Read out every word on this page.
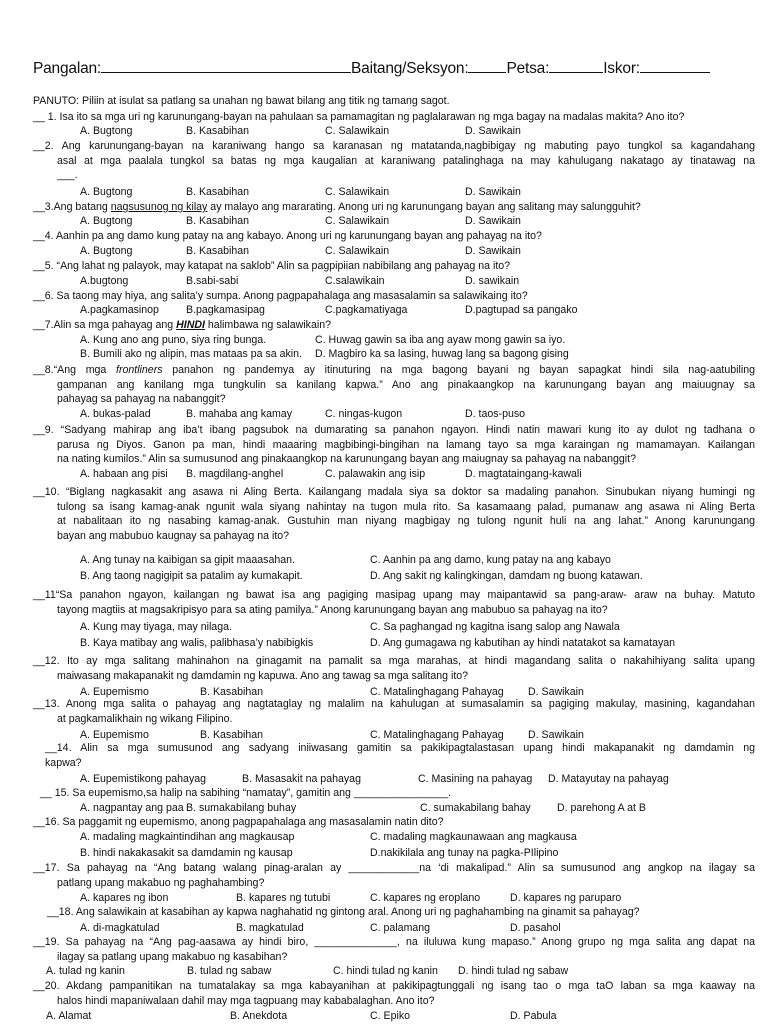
Pangalan:	Baitang/Seksyon: Petsa:	Iskor:
PANUTO: Piliin at isulat sa patlang sa unahan ng bawat bilang ang titik ng tamang sagot.
__ 1. Isa ito sa mga uri ng karunungang-bayan na pahulaan sa pamamagitan ng paglalarawan ng mga bagay na madalas makita? Ano ito?
A. Bugtong	B. Kasabihan	C. Salawikain	D. Sawikain
__2. Ang karunungang-bayan na karaniwang hango sa karanasan ng matatanda,nagbibigay ng mabuting payo tungkol sa kagandahang
asal at mga paalala tungkol sa batas ng mga kaugalian at karaniwang patalinghaga na may kahulugang nakatago ay tinatawag na
___.
A. Bugtong	B. Kasabihan	C. Salawikain	D. Sawikain
__3.Ang batang nagsusunog ng kilay ay malayo ang mararating. Anong uri ng karunungang bayan ang salitang may salungguhit?
A. Bugtong	B. Kasabihan	C. Salawikain	D. Sawikain
__4. Aanhin pa ang damo kung patay na ang kabayo. Anong uri ng karunungang bayan ang pahayag na ito?
A. Bugtong	B. Kasabihan	C. Salawikain	D. Sawikain
__5. “Ang lahat ng palayok, may katapat na saklob” Alin sa pagpipiian nabibilang ang pahayag na ito?
A.bugtong	B.sabi-sabi	C.salawikain	D. sawikain
__6. Sa taong may hiya, ang salita’y sumpa. Anong pagpapahalaga ang masasalamin sa salawikaing ito?
A.pagkamasinop	B.pagkamasipag	C.pagkamatiyaga	D.pagtupad sa pangako
__7.Alin sa mga pahayag ang HINDI halimbawa ng salawikain?
A. Kung ano ang puno, siya ring bunga.	C. Huwag gawin sa iba ang ayaw mong gawin sa iyo.
B. Bumili ako ng alipin, mas mataas pa sa akin. D. Magbiro ka sa lasing, huwag lang sa bagong gising
__8.“Ang mga frontliners panahon ng pandemya ay itinuturing na mga bagong bayani ng bayan sapagkat hindi sila nag-aatubiling
gampanan ang kanilang mga tungkulin sa kanilang kapwa.” Ano ang pinakaangkop na karunungang bayan ang maiuugnay sa
pahayag sa pahayag na nabanggit?
A. bukas-palad	B. mahaba ang kamay	C. ningas-kugon	D. taos-puso
__9. “Sadyang mahirap ang iba’t ibang pagsubok na dumarating sa panahon ngayon. Hindi natin mawari kung ito ay dulot ng tadhana o
parusa ng Diyos. Ganon pa man, hindi maaaring magbibingi-bingihan na lamang tayo sa mga karaingan ng mamamayan. Kailangan
na nating kumilos.” Alin sa sumusunod ang pinakaangkop na karunungang bayan ang maiugnay sa pahayag na nabanggit?
A. habaan ang pisi B. magdilang-anghel	C. palawakin ang isip	D. magtataingang-kawali
__10. “Biglang nagkasakit ang asawa ni Aling Berta. Kailangang madala siya sa doktor sa madaling panahon. Sinubukan niyang humingi ng
tulong sa isang kamag-anak ngunit wala siyang nahintay na tugon mula rito. Sa kasamaang palad, pumanaw ang asawa ni Aling Berta
at nabalitaan ito ng nasabing kamag-anak. Gustuhin man niyang magbigay ng tulong ngunit huli na ang lahat.” Anong karunungang
bayan ang mabubuo kaugnay sa pahayag na ito?
A. Ang tunay na kaibigan sa gipit maaasahan.	C. Aanhin pa ang damo, kung patay na ang kabayo
B. Ang taong nagigipit sa patalim ay kumakapit.	D. Ang sakit ng kalingkingan, damdam ng buong katawan.
__11“Sa panahon ngayon, kailangan ng bawat isa ang pagiging masipag upang may maipantawid sa pang-araw- araw na buhay. Matuto
tayong magtiis at magsakripisyo para sa ating pamilya.” Anong karunungang bayan ang mabubuo sa pahayag na ito?
A. Kung may tiyaga, may nilaga.	C. Sa paghangad ng kagitna isang salop ang Nawala
B. Kaya matibay ang walis, palibhasa’y nabibigkis	D. Ang gumagawa ng kabutihan ay hindi natatakot sa kamatayan
__12. Ito ay mga salitang mahinahon na ginagamit na pamalit sa mga marahas, at hindi magandang salita o nakahihiyang salita upang
maiwasang makapanakit ng damdamin ng kapuwa. Ano ang tawag sa mga salitang ito?
A. Eupemismo	B. Kasabihan	C. Matalinghagang Pahayag D. Sawikain
__13. Anong mga salita o pahayag ang nagtataglay ng malalim na kahulugan at sumasalamin sa pagiging makulay, masining, kagandahan
at pagkamalikhain ng wikang Filipino.
A. Eupemismo	B. Kasabihan	C. Matalinghagang Pahayag D. Sawikain
__14. Alin sa mga sumusunod ang sadyang iniiwasang gamitin sa pakikipagtalastasan upang hindi makapanakit ng damdamin ng
kapwa?
A. Eupemistikong pahayag	B. Masasakit na pahayag	C. Masining na pahayag D. Matayutay na pahayag
__ 15. Sa eupemismo,sa halip na sabihing “namatay”, gamitin ang ________________.
A. nagpantay ang paa B. sumakabilang buhay	C. sumakabilang bahay D. parehong A at B
__16. Sa paggamit ng eupemismo, anong pagpapahalaga ang masasalamin natin dito?
A. madaling magkaintindihan ang magkausap	C. madaling magkaunawaan ang magkausa
B. hindi nakakasakit sa damdamin ng kausap	D.nakikilala ang tunay na pagka-PIlipino
__17. Sa pahayag na “Ang batang walang pinag-aralan ay ____________na ‘di makalipad.” Alin sa sumusunod ang angkop na ilagay sa
patlang upang makabuo ng paghahambing?
A. kapares ng ibon	B. kapares ng tutubi	C. kapares ng eroplano	D. kapares ng paruparo
__18. Ang salawikain at kasabihan ay kapwa naghahatid ng gintong aral. Anong uri ng paghahambing na ginamit sa pahayag?
A. di-magkatulad	B. magkatulad	C. palamang	D. pasahol
__19. Sa pahayag na “Ang pag-aasawa ay hindi biro, ______________, na iluluwa kung mapaso.” Anong grupo ng mga salita ang dapat na
ilagay sa patlang upang makabuo ng kasabihan?
A. tulad ng kanin	B. tulad ng sabaw	C. hindi tulad ng kanin D. hindi tulad ng sabaw
__20. Akdang pampanitikan na tumatalakay sa mga kabayanihan at pakikipagtunggali ng isang tao o mga taO laban sa mga kaaway na
halos hindi mapaniwalaan dahil may mga tagpuang may kababalaghan. Ano ito?
A. Alamat	B. Anekdota	C. Epiko	D. Pabula
